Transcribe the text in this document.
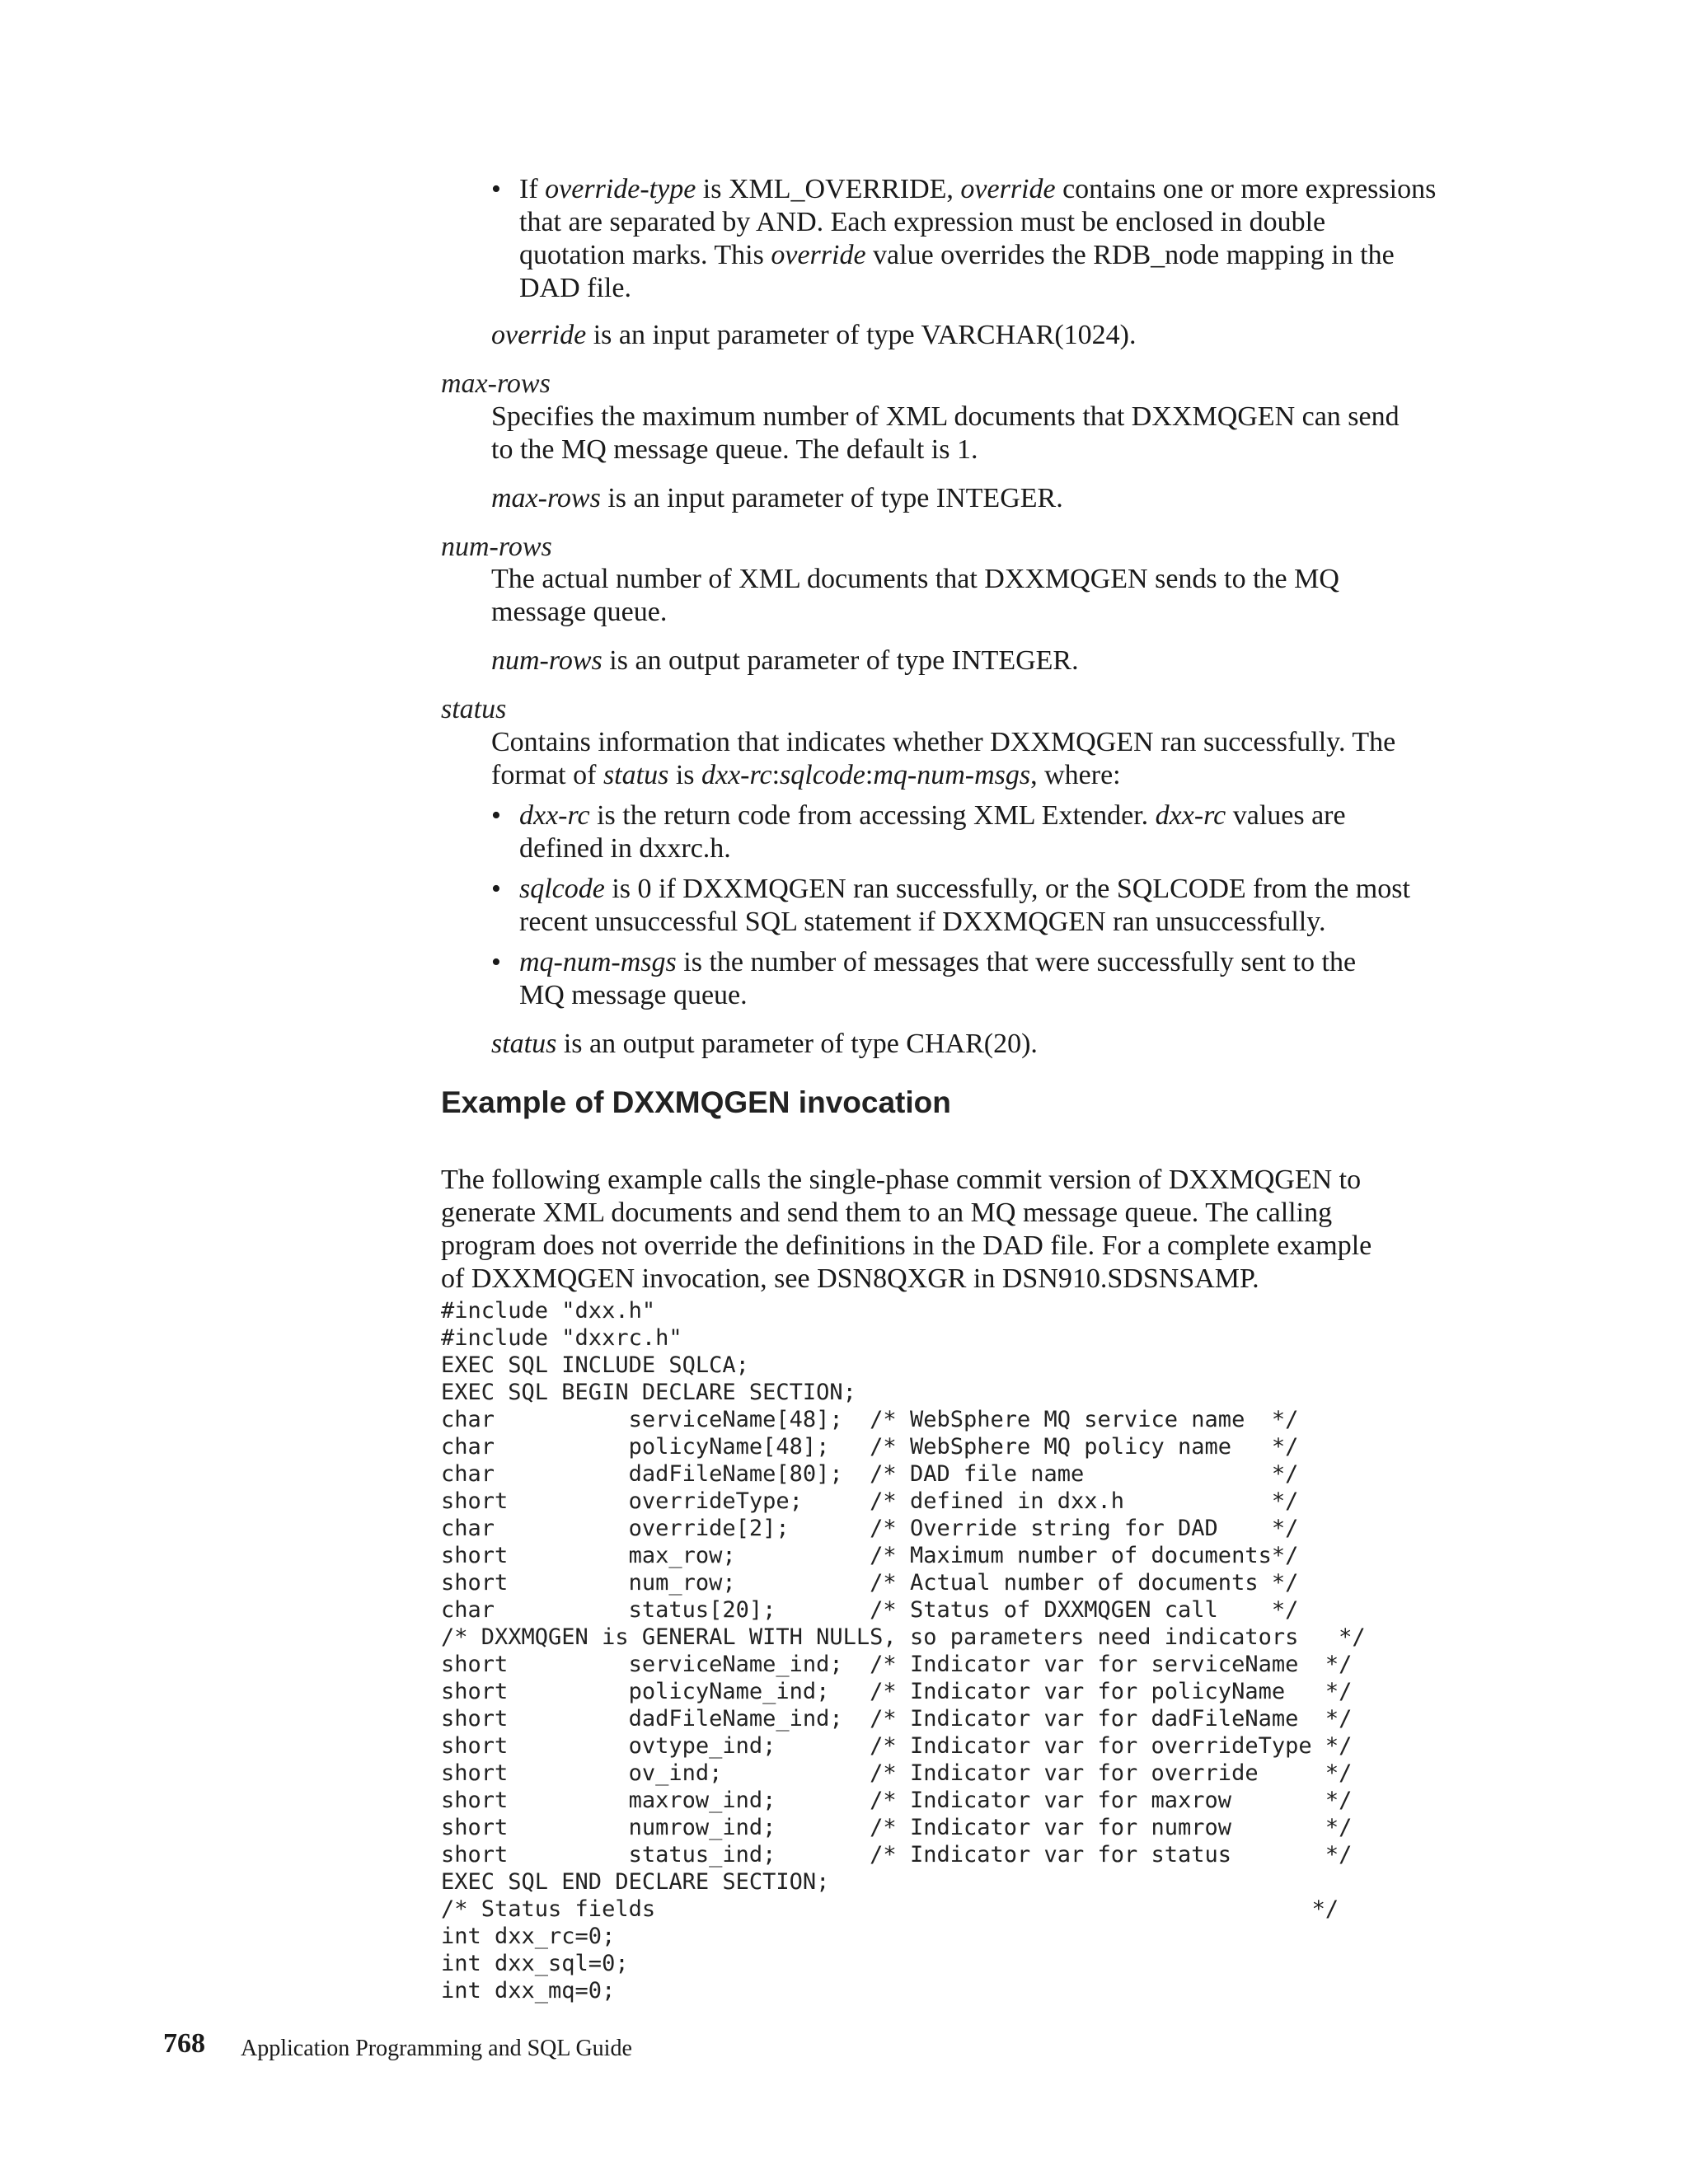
• If override-type is XML_OVERRIDE, override contains one or more expressions
that are separated by AND. Each expression must be enclosed in double
quotation marks. This override value overrides the RDB_node mapping in the
DAD file.
override is an input parameter of type VARCHAR(1024).
max-rows
Specifies the maximum number of XML documents that DXXMQGEN can send
to the MQ message queue. The default is 1.
max-rows is an input parameter of type INTEGER.
num-rows
The actual number of XML documents that DXXMQGEN sends to the MQ
message queue.
num-rows is an output parameter of type INTEGER.
status
Contains information that indicates whether DXXMQGEN ran successfully. The
format of status is dxx-rc:sqlcode:mq-num-msgs, where:
• dxx-rc is the return code from accessing XML Extender. dxx-rc values are
defined in dxxrc.h.
• sqlcode is 0 if DXXMQGEN ran successfully, or the SQLCODE from the most
recent unsuccessful SQL statement if DXXMQGEN ran unsuccessfully.
• mq-num-msgs is the number of messages that were successfully sent to the
MQ message queue.
status is an output parameter of type CHAR(20).
Example of DXXMQGEN invocation
The following example calls the single-phase commit version of DXXMQGEN to
generate XML documents and send them to an MQ message queue. The calling
program does not override the definitions in the DAD file. For a complete example
of DXXMQGEN invocation, see DSN8QXGR in DSN910.SDSNSAMP.
#include "dxx.h"
#include "dxxrc.h"
EXEC SQL INCLUDE SQLCA;
EXEC SQL BEGIN DECLARE SECTION;
char          serviceName[48];  /* WebSphere MQ service name  */
char          policyName[48];   /* WebSphere MQ policy name   */
char          dadFileName[80];  /* DAD file name              */
short         overrideType;     /* defined in dxx.h           */
char          override[2];      /* Override string for DAD    */
short         max_row;          /* Maximum number of documents*/
short         num_row;          /* Actual number of documents */
char          status[20];       /* Status of DXXMQGEN call    */
/* DXXMQGEN is GENERAL WITH NULLS, so parameters need indicators   */
short         serviceName_ind;  /* Indicator var for serviceName  */
short         policyName_ind;   /* Indicator var for policyName   */
short         dadFileName_ind;  /* Indicator var for dadFileName  */
short         ovtype_ind;       /* Indicator var for overrideType */
short         ov_ind;           /* Indicator var for override     */
short         maxrow_ind;       /* Indicator var for maxrow       */
short         numrow_ind;       /* Indicator var for numrow       */
short         status_ind;       /* Indicator var for status       */
EXEC SQL END DECLARE SECTION;
/* Status fields                                                 */
int dxx_rc=0;
int dxx_sql=0;
int dxx_mq=0;
768 Application Programming and SQL Guide
